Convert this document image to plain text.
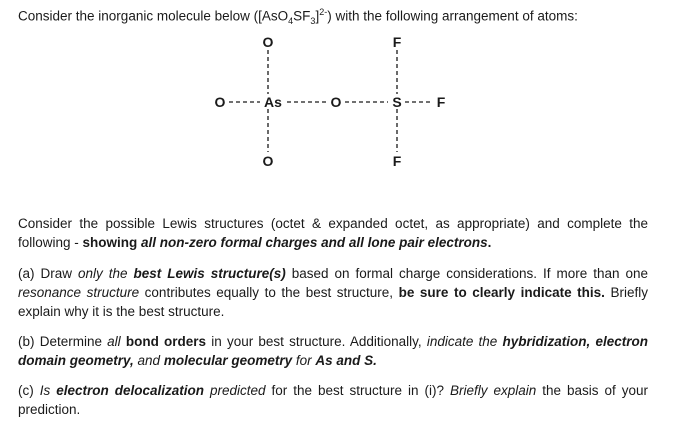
Consider the inorganic molecule below $([AsO_4SF_3]^{2-})$ with the following arrangement of atoms:
O
O	As	O	S	F
F
O	F
Consider the possible Lewis structures (octet & expanded octet, as appropriate) and complete the following - showing all non-zero formal charges and all lone pair electrons.
(a) Draw only the best Lewis structure(s) based on formal charge considerations. If more than one resonance structure contributes equally to the best structure, be sure to clearly indicate this. Briefly explain why it is the best structure.
(b) Determine all bond orders in your best structure. Additionally, indicate the hybridization, electron domain geometry, and molecular geometry for As and S.
(c) Is electron delocalization predicted for the best structure in (i)? Briefly explain the basis of your prediction.
